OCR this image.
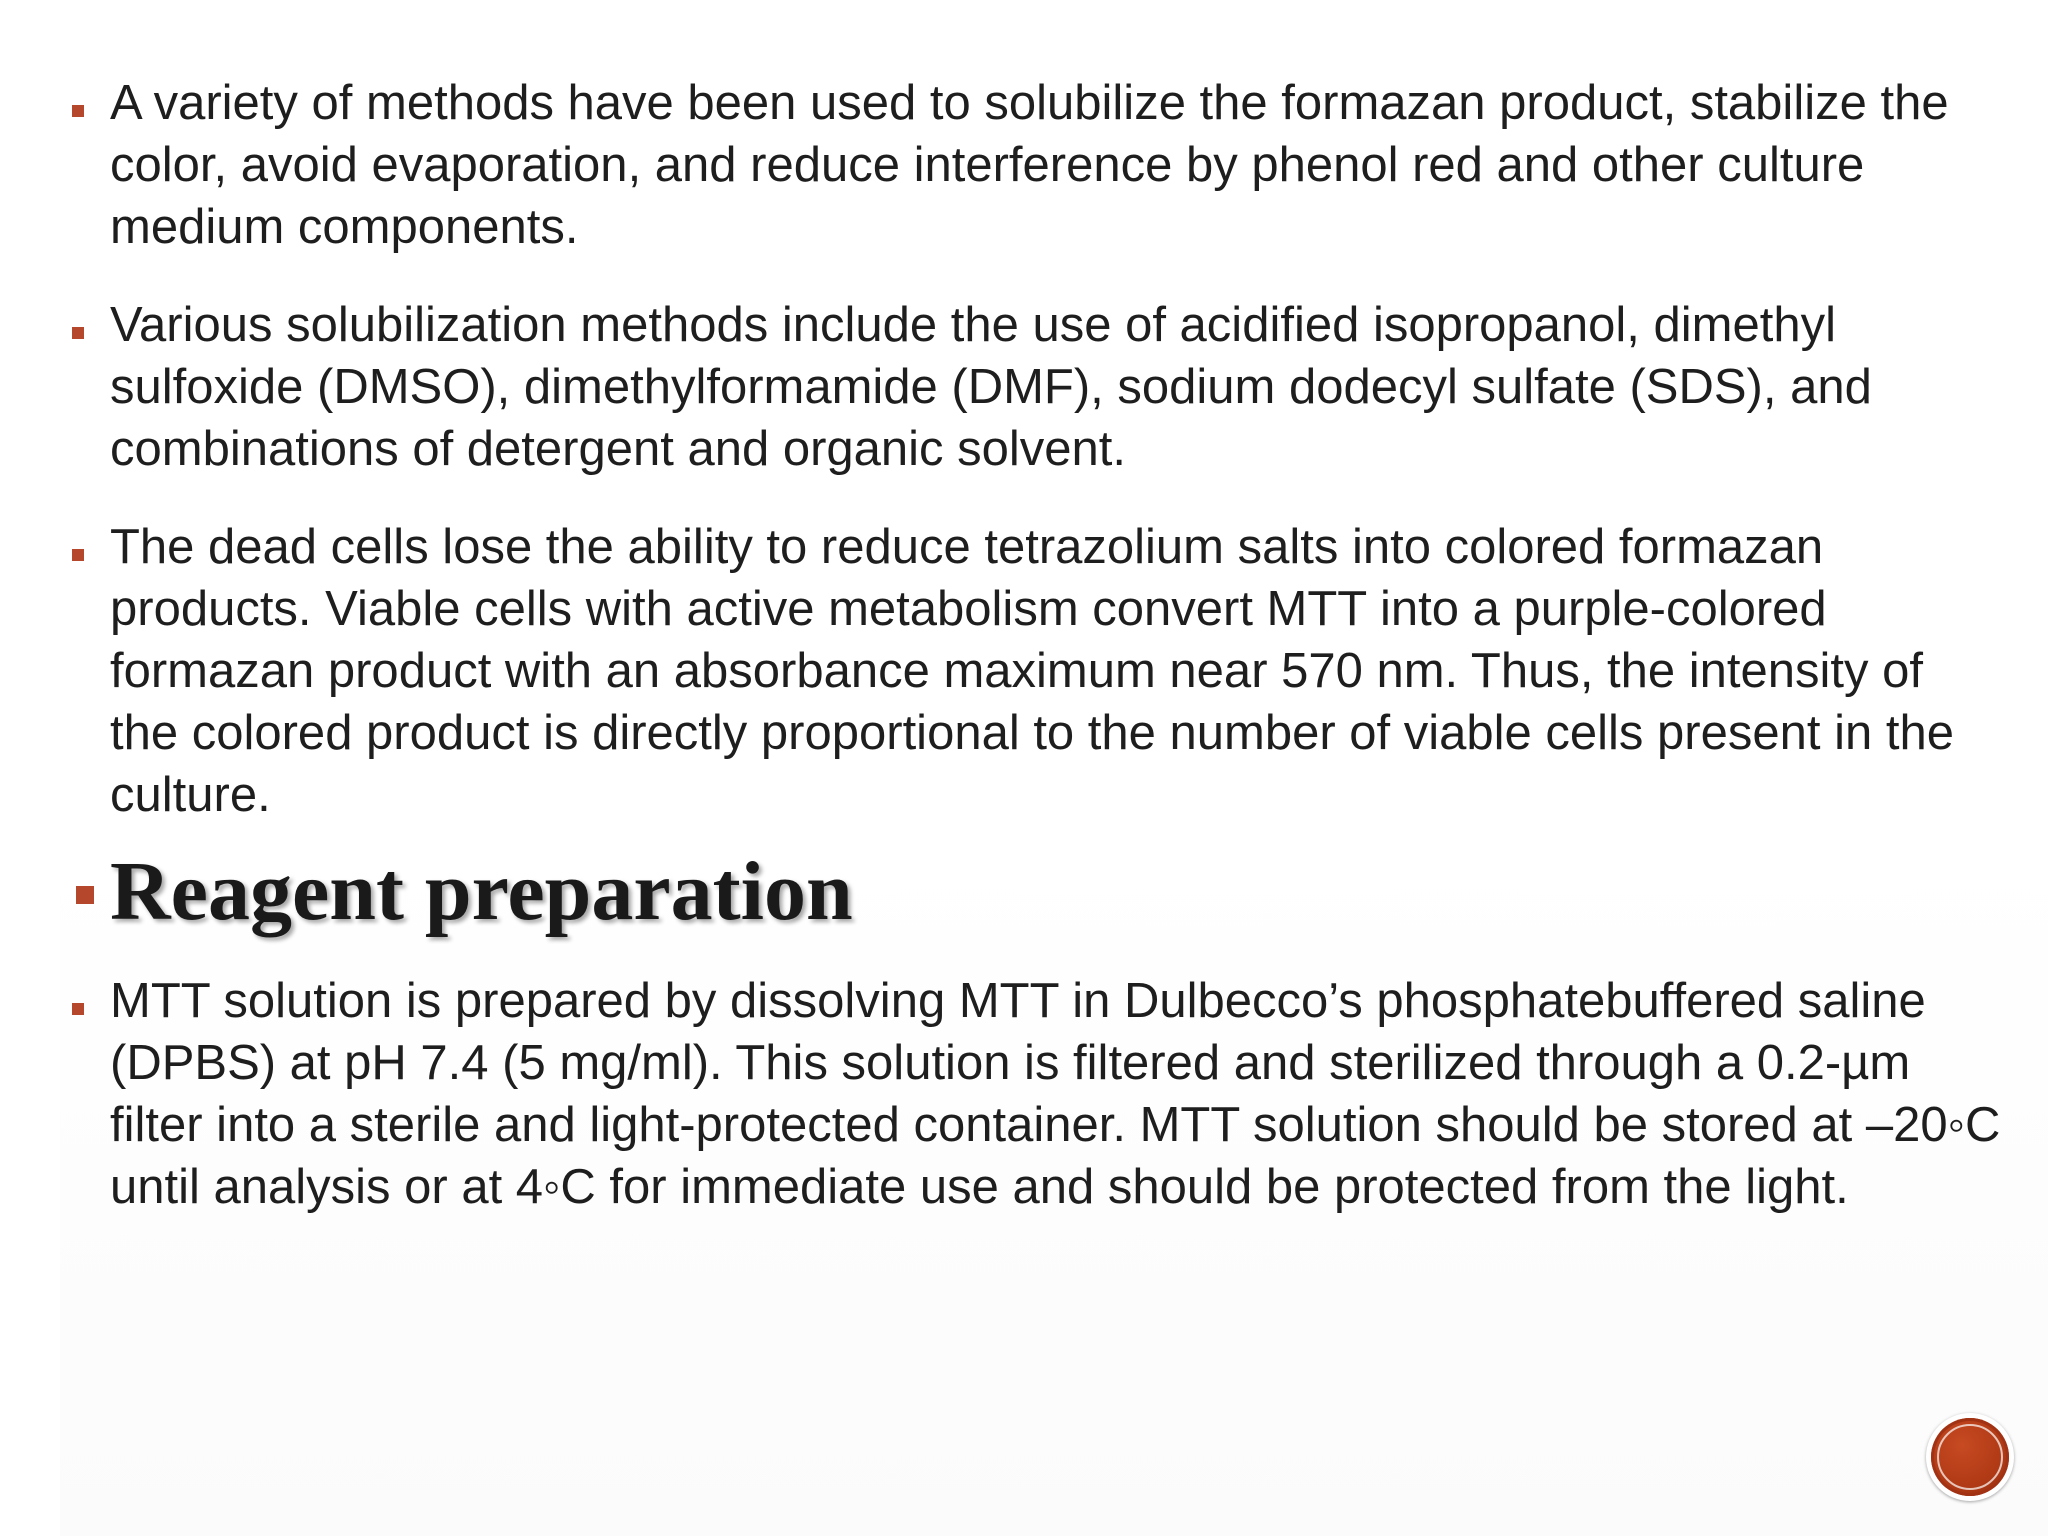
A variety of methods have been used to solubilize the formazan product, stabilize the color, avoid evaporation, and reduce interference by phenol red and other culture medium components.
Various solubilization methods include the use of acidified isopropanol, dimethyl sulfoxide (DMSO), dimethylformamide (DMF), sodium dodecyl sulfate (SDS), and combinations of detergent and organic solvent.
The dead cells lose the ability to reduce tetrazolium salts into colored formazan products. Viable cells with active metabolism convert MTT into a purple-colored formazan product with an absorbance maximum near 570 nm. Thus, the intensity of the colored product is directly proportional to the number of viable cells present in the culture.
Reagent preparation
MTT solution is prepared by dissolving MTT in Dulbecco’s phosphatebuffered saline (DPBS) at pH 7.4 (5 mg/ml). This solution is filtered and sterilized through a 0.2-µm filter into a sterile and light-protected container. MTT solution should be stored at –20◦C until analysis or at 4◦C for immediate use and should be protected from the light.
